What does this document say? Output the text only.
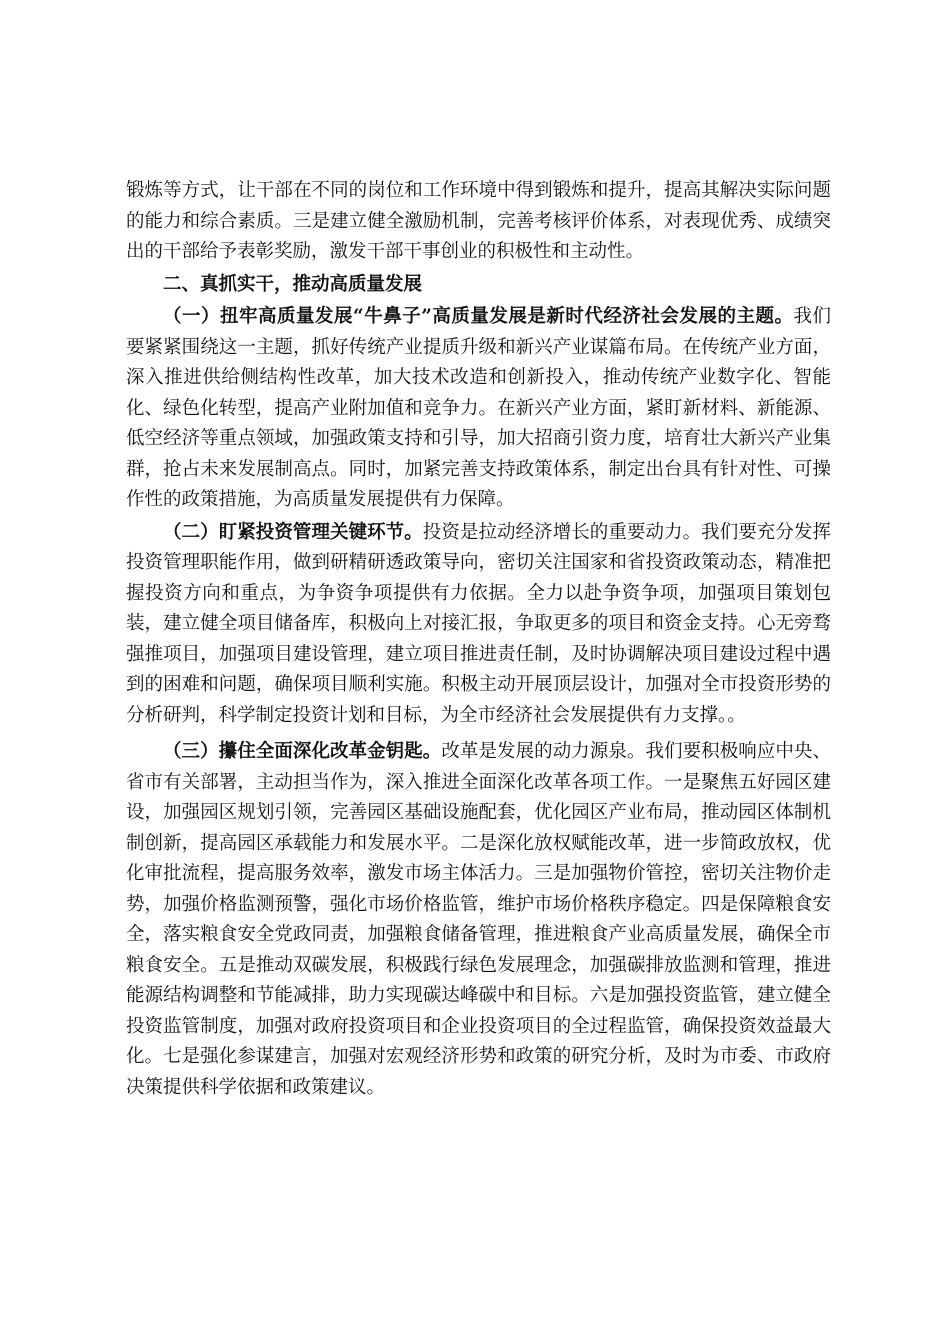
锻炼等方式，让干部在不同的岗位和工作环境中得到锻炼和提升，提高其解决实际问题的能力和综合素质。三是建立健全激励机制，完善考核评价体系，对表现优秀、成绩突出的干部给予表彰奖励，激发干部干事创业的积极性和主动性。

二、真抓实干，推动高质量发展

（一）扭牢高质量发展“牛鼻子”高质量发展是新时代经济社会发展的主题。我们要紧紧围绕这一主题，抓好传统产业提质升级和新兴产业谋篇布局。在传统产业方面，深入推进供给侧结构性改革，加大技术改造和创新投入，推动传统产业数字化、智能化、绿色化转型，提高产业附加值和竞争力。在新兴产业方面，紧盯新材料、新能源、低空经济等重点领域，加强政策支持和引导，加大招商引资力度，培育壮大新兴产业集群，抢占未来发展制高点。同时，加紧完善支持政策体系，制定出台具有针对性、可操作性的政策措施，为高质量发展提供有力保障。

（二）盯紧投资管理关键环节。投资是拉动经济增长的重要动力。我们要充分发挥投资管理职能作用，做到研精研透政策导向，密切关注国家和省投资政策动态，精准把握投资方向和重点，为争资争项提供有力依据。全力以赴争资争项，加强项目策划包装，建立健全项目储备库，积极向上对接汇报，争取更多的项目和资金支持。心无旁骛强推项目，加强项目建设管理，建立项目推进责任制，及时协调解决项目建设过程中遇到的困难和问题，确保项目顺利实施。积极主动开展顶层设计，加强对全市投资形势的分析研判，科学制定投资计划和目标，为全市经济社会发展提供有力支撑。。

（三）攥住全面深化改革金钥匙。改革是发展的动力源泉。我们要积极响应中央、省市有关部署，主动担当作为，深入推进全面深化改革各项工作。一是聚焦五好园区建设，加强园区规划引领，完善园区基础设施配套，优化园区产业布局，推动园区体制机制创新，提高园区承载能力和发展水平。二是深化放权赋能改革，进一步简政放权，优化审批流程，提高服务效率，激发市场主体活力。三是加强物价管控，密切关注物价走势，加强价格监测预警，强化市场价格监管，维护市场价格秩序稳定。四是保障粮食安全，落实粮食安全党政同责，加强粮食储备管理，推进粮食产业高质量发展，确保全市粮食安全。五是推动双碳发展，积极践行绿色发展理念，加强碳排放监测和管理，推进能源结构调整和节能减排，助力实现碳达峰碳中和目标。六是加强投资监管，建立健全投资监管制度，加强对政府投资项目和企业投资项目的全过程监管，确保投资效益最大化。七是强化参谋建言，加强对宏观经济形势和政策的研究分析，及时为市委、市政府决策提供科学依据和政策建议。
